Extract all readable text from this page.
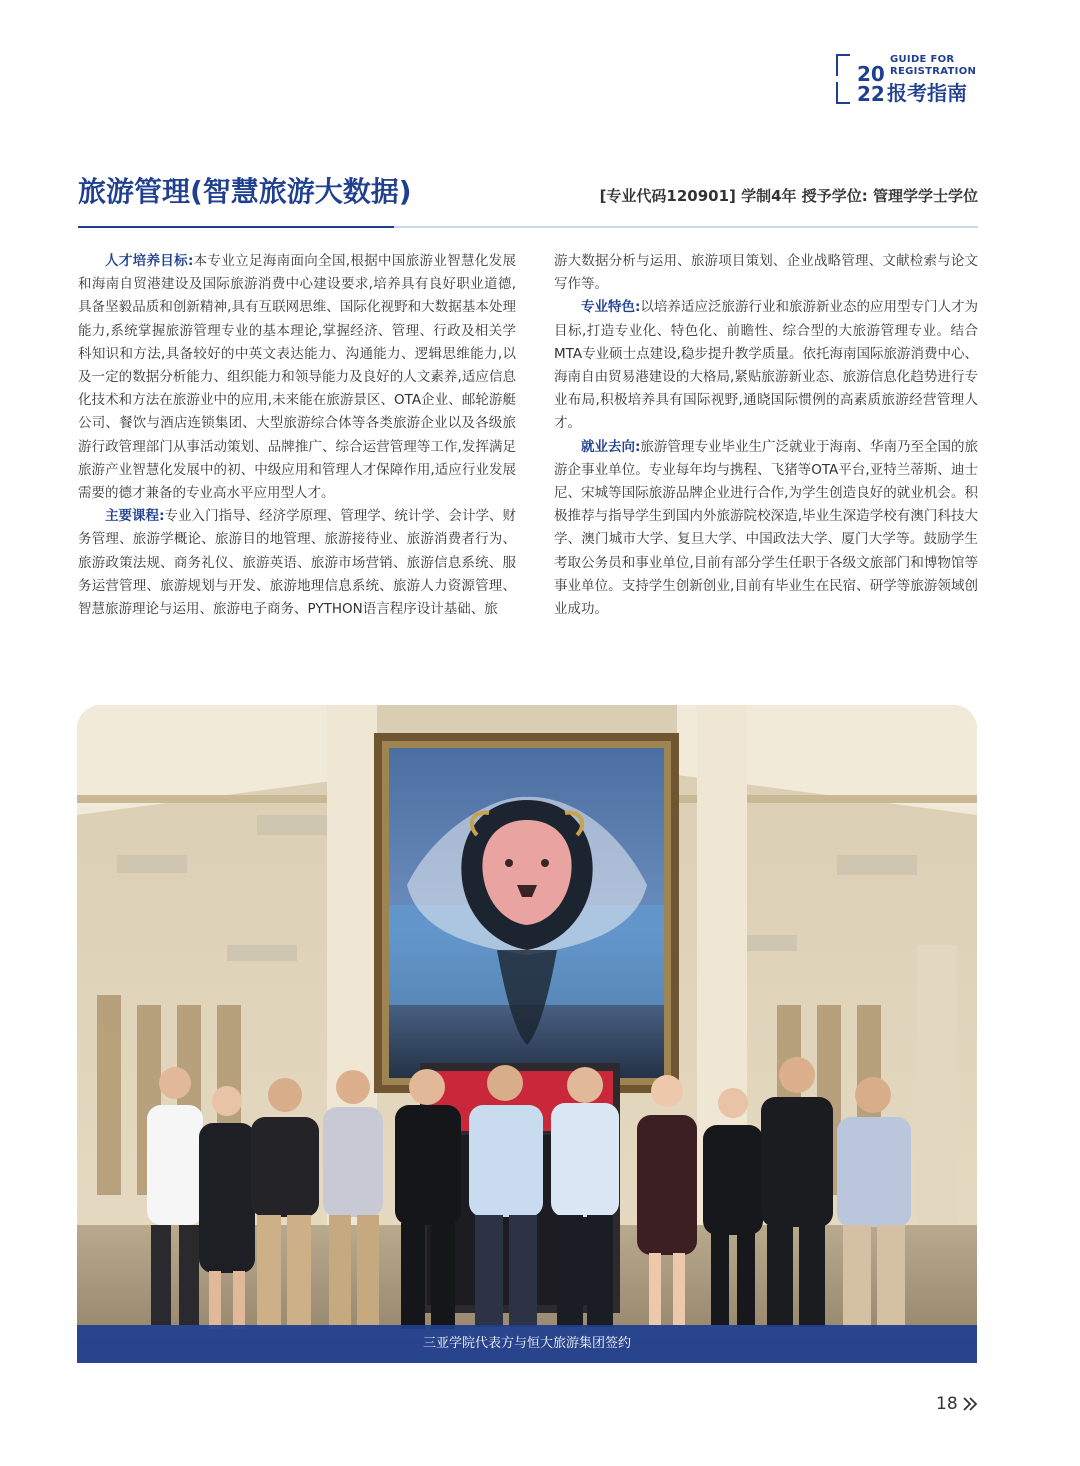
20
22
GUIDE FOR
REGISTRATION
报考指南
旅游管理(智慧旅游大数据)	[专业代码120901] 学制4年 授予学位: 管理学学士学位

人才培养目标:本专业立足海南面向全国,根据中国旅游业智慧化发展和海南自贸港建设及国际旅游消费中心建设要求,培养具有良好职业道德,具备坚毅品质和创新精神,具有互联网思维、国际化视野和大数据基本处理能力,系统掌握旅游管理专业的基本理论,掌握经济、管理、行政及相关学科知识和方法,具备较好的中英文表达能力、沟通能力、逻辑思维能力,以及一定的数据分析能力、组织能力和领导能力及良好的人文素养,适应信息化技术和方法在旅游业中的应用,未来能在旅游景区、OTA企业、邮轮游艇公司、餐饮与酒店连锁集团、大型旅游综合体等各类旅游企业以及各级旅游行政管理部门从事活动策划、品牌推广、综合运营管理等工作,发挥满足旅游产业智慧化发展中的初、中级应用和管理人才保障作用,适应行业发展需要的德才兼备的专业高水平应用型人才。

主要课程:专业入门指导、经济学原理、管理学、统计学、会计学、财务管理、旅游学概论、旅游目的地管理、旅游接待业、旅游消费者行为、旅游政策法规、商务礼仪、旅游英语、旅游市场营销、旅游信息系统、服务运营管理、旅游规划与开发、旅游地理信息系统、旅游人力资源管理、智慧旅游理论与运用、旅游电子商务、PYTHON语言程序设计基础、旅

游大数据分析与运用、旅游项目策划、企业战略管理、文献检索与论文写作等。

专业特色:以培养适应泛旅游行业和旅游新业态的应用型专门人才为目标,打造专业化、特色化、前瞻性、综合型的大旅游管理专业。结合MTA专业硕士点建设,稳步提升教学质量。依托海南国际旅游消费中心、海南自由贸易港建设的大格局,紧贴旅游新业态、旅游信息化趋势进行专业布局,积极培养具有国际视野,通晓国际惯例的高素质旅游经营管理人才。

就业去向:旅游管理专业毕业生广泛就业于海南、华南乃至全国的旅游企事业单位。专业每年均与携程、飞猪等OTA平台,亚特兰蒂斯、迪士尼、宋城等国际旅游品牌企业进行合作,为学生创造良好的就业机会。积极推荐与指导学生到国内外旅游院校深造,毕业生深造学校有澳门科技大学、澳门城市大学、复旦大学、中国政法大学、厦门大学等。鼓励学生考取公务员和事业单位,目前有部分学生任职于各级文旅部门和博物馆等事业单位。支持学生创新创业,目前有毕业生在民宿、研学等旅游领域创业成功。

三亚学院代表方与恒大旅游集团签约
18
